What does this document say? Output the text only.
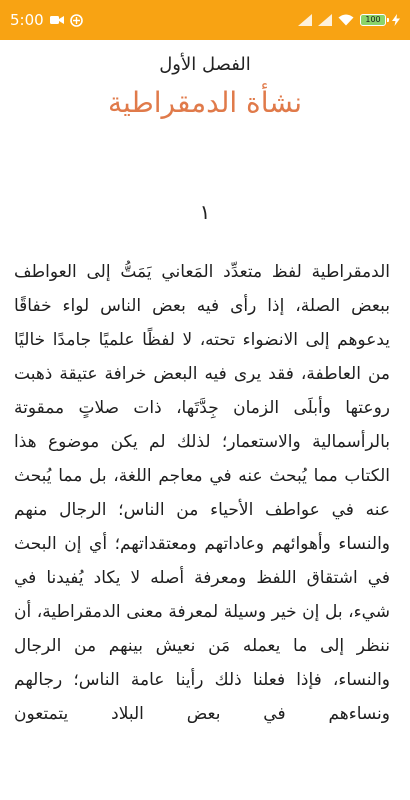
5:00	100
الفصل الأول
نشأة الدمقراطية
١
الدمقراطية لفظ متعدِّد المَعاني يَمَتُّ إلى العواطف ببعض الصلة، إذا رأى فيه بعض الناس لواء خفاقًا يدعوهم إلى الانضواء تحته، لا لفظًا علميًا جامدًا خاليًا من العاطفة، فقد يرى فيه البعض خرافة عتيقة ذهبت روعتها وأبلَى الزمان جِدَّتَها، ذات صلاتٍ ممقوتة بالرأسمالية والاستعمار؛ لذلك لم يكن موضوع هذا الكتاب مما يُبحث عنه في معاجم اللغة، بل مما يُبحث عنه في عواطف الأحياء من الناس؛ الرجال منهم والنساء وأهوائهم وعاداتهم ومعتقداتهم؛ أي إن البحث في اشتقاق اللفظ ومعرفة أصله لا يكاد يُفيدنا في شيء، بل إن خير وسيلة لمعرفة معنى الدمقراطية، أن ننظر إلى ما يعمله مَن نعيش بينهم من الرجال والنساء، فإذا فعلنا ذلك رأينا عامة الناس؛ رجالهم ونساءهم في بعض البلاد يتمتعون
